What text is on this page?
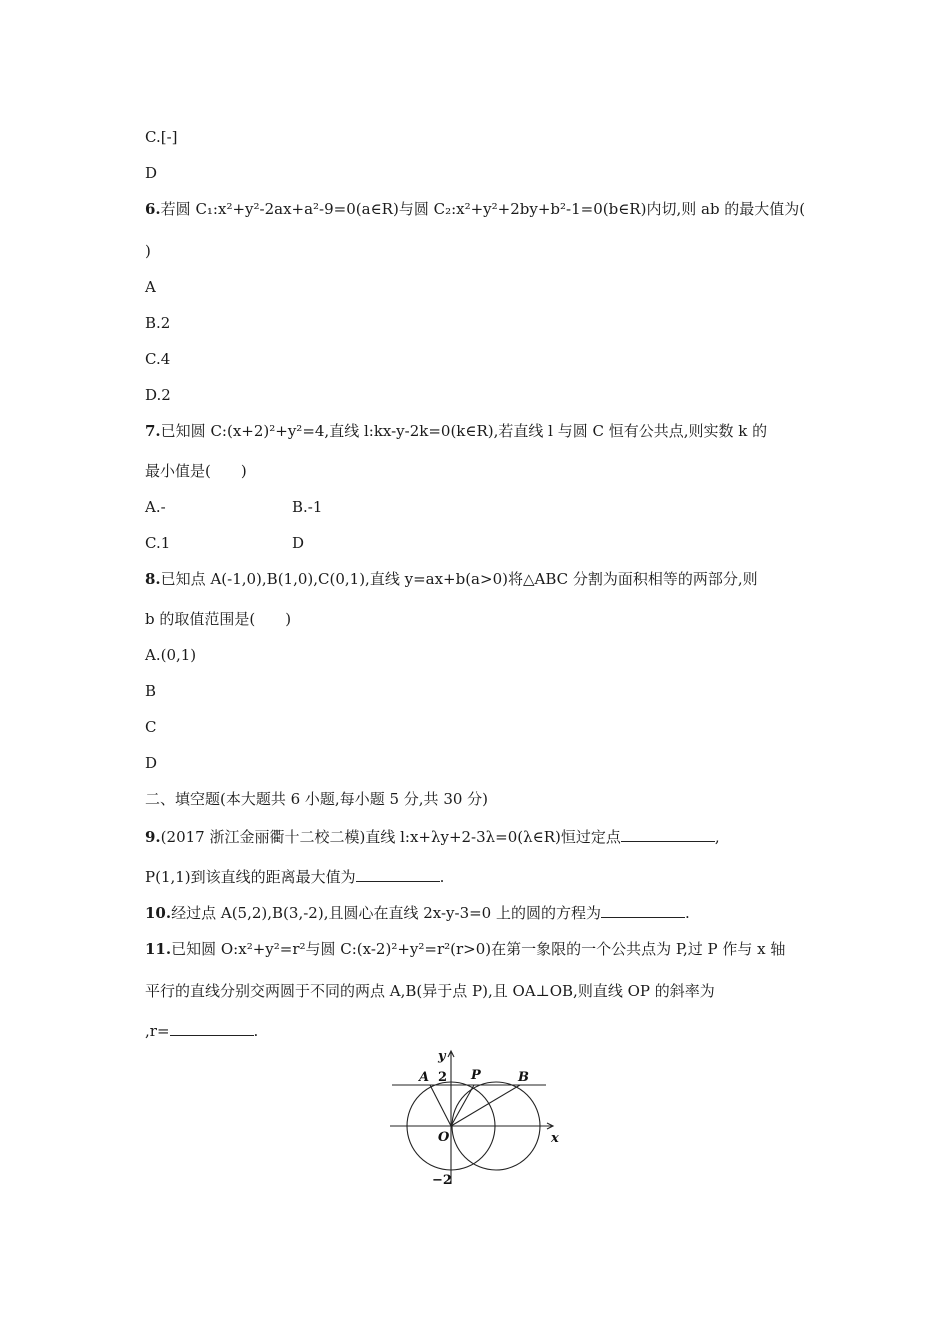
C.[-]
D
6.若圆 C₁:x²+y²-2ax+a²-9=0(a∈R)与圆 C₂:x²+y²+2by+b²-1=0(b∈R)内切,则 ab 的最大值为(
)
A
B.2
C.4
D.2
7.已知圆 C:(x+2)²+y²=4,直线 l:kx-y-2k=0(k∈R),若直线 l 与圆 C 恒有公共点,则实数 k 的
最小值是(　　)
A.-	B.-1
C.1	D
8.已知点 A(-1,0),B(1,0),C(0,1),直线 y=ax+b(a>0)将△ABC 分割为面积相等的两部分,则
b 的取值范围是(　　)
A.(0,1)
B
C
D
二、填空题(本大题共 6 小题,每小题 5 分,共 30 分)
9.(2017 浙江金丽衢十二校二模)直线 l:x+λy+2-3λ=0(λ∈R)恒过定点	,
P(1,1)到该直线的距离最大值为	.
10.经过点 A(5,2),B(3,-2),且圆心在直线 2x-y-3=0 上的圆的方程为	.
11.已知圆 O:x²+y²=r²与圆 C:(x-2)²+y²=r²(r>0)在第一象限的一个公共点为 P,过 P 作与 x 轴
平行的直线分别交两圆于不同的两点 A,B(异于点 P),且 OA⊥OB,则直线 OP 的斜率为
,r=	.
y
x
2
−2
O
A	P	B
